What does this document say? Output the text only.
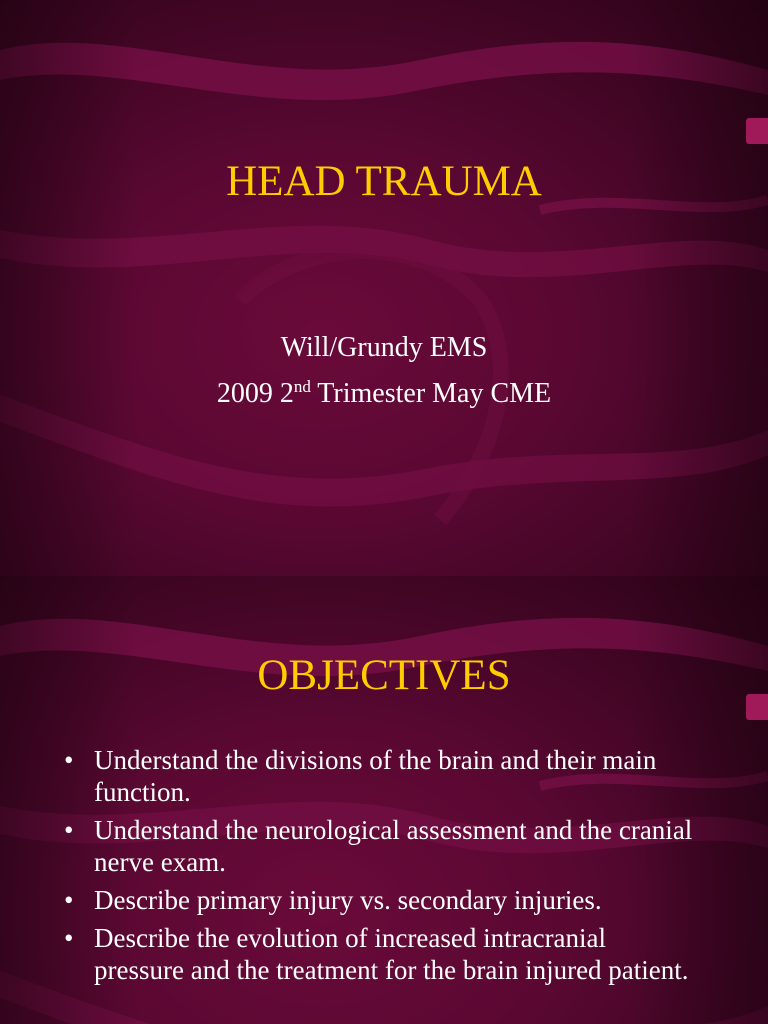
HEAD TRAUMA
Will/Grundy EMS
2009 2nd Trimester May CME
OBJECTIVES
• Understand the divisions of the brain and their main function.
• Understand the neurological assessment and the cranial nerve exam.
• Describe primary injury vs. secondary injuries.
• Describe the evolution of increased intracranial pressure and the treatment for the brain injured patient.
